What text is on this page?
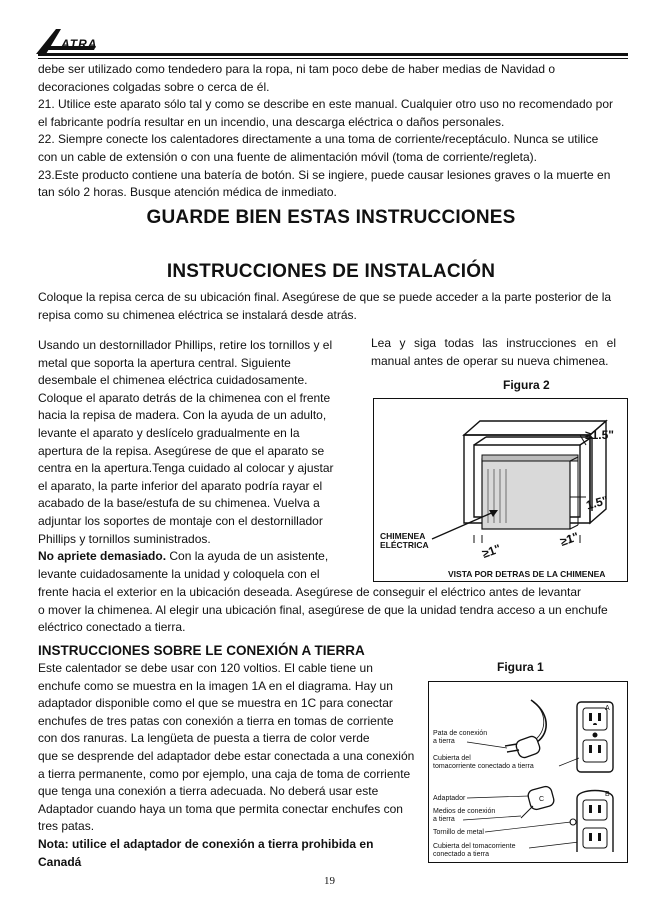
ATRA
debe ser utilizado como tendedero para la ropa, ni tam poco debe de haber medias de Navidad o
decoraciones colgadas sobre o cerca de él.
21. Utilice este aparato sólo tal y como se describe en este manual. Cualquier otro uso no recomendado por
el fabricante podría resultar en un incendio, una descarga eléctrica o daños personales.
22. Siempre conecte los calentadores directamente a una toma de corriente/receptáculo. Nunca se utilice
con un cable de extensión o con una fuente de alimentación móvil (toma de corriente/regleta).
23.Este producto contiene una batería de botón. Si se ingiere, puede causar lesiones graves o la muerte en
tan sólo 2 horas. Busque atención médica de inmediato.
GUARDE BIEN ESTAS INSTRUCCIONES
INSTRUCCIONES DE INSTALACIÓN
Coloque la repisa cerca de su ubicación final. Asegúrese de que se puede acceder a la parte posterior de la
repisa como su chimenea eléctrica se instalará desde atrás.
Usando un destornillador Phillips, retire los tornillos y el
metal que soporta la apertura central. Siguiente
desembale el chimenea eléctrica cuidadosamente.
Coloque el aparato detrás de la chimenea con el frente
hacia la repisa de madera. Con la ayuda de un adulto,
levante el aparato y deslícelo gradualmente en la
apertura de la repisa. Asegúrese de que el aparato se
centra en la apertura.Tenga cuidado al colocar y ajustar
el aparato, la parte inferior del aparato podría rayar el
acabado de la base/estufa de su chimenea. Vuelva a
adjuntar los soportes de montaje con el destornillador
Phillips y tornillos suministrados.
No apriete demasiado. Con la ayuda de un asistente,
levante cuidadosamente la unidad y coloquela con el
Lea y siga todas las instrucciones en el
manual antes de operar su nueva chimenea.
Figura 2
≥1.5"
1.5"
≥1"
≥1"
CHIMENEA
ELÉCTRICA
VISTA POR DETRAS DE LA CHIMENEA
frente hacia el exterior en la ubicación deseada. Asegúrese de conseguir el eléctrico antes de levantar
o mover la chimenea. Al elegir una ubicación final, asegúrese de que la unidad tendra acceso a un enchufe
eléctrico conectado a tierra.
INSTRUCCIONES SOBRE LE CONEXIÓN A TIERRA
Este calentador se debe usar con 120 voltios. El cable tiene un
enchufe como se muestra en la imagen 1A en el diagrama. Hay un
adaptador disponible como el que se muestra en 1C para conectar
enchufes de tres patas con conexión a tierra en tomas de corriente
con dos ranuras. La lengüeta de puesta a tierra de color verde
que se desprende del adaptador debe estar conectada a una conexión
a tierra permanente, como por ejemplo, una caja de toma de corriente
que tenga una conexión a tierra adecuada. No deberá usar este
Adaptador cuando haya un toma que permita conectar enchufes con
tres patas.
Nota: utilice el adaptador de conexión a tierra prohibida en
Canadá
Figura 1
A
Pata de conexión
a tierra
Cubierta del
tomacorriente conectado a tierra
C
Adaptador
Medios de conexión
a tierra
Tornillo de metal
Cubierta del tomacorriente
conectado a tierra
B
19
